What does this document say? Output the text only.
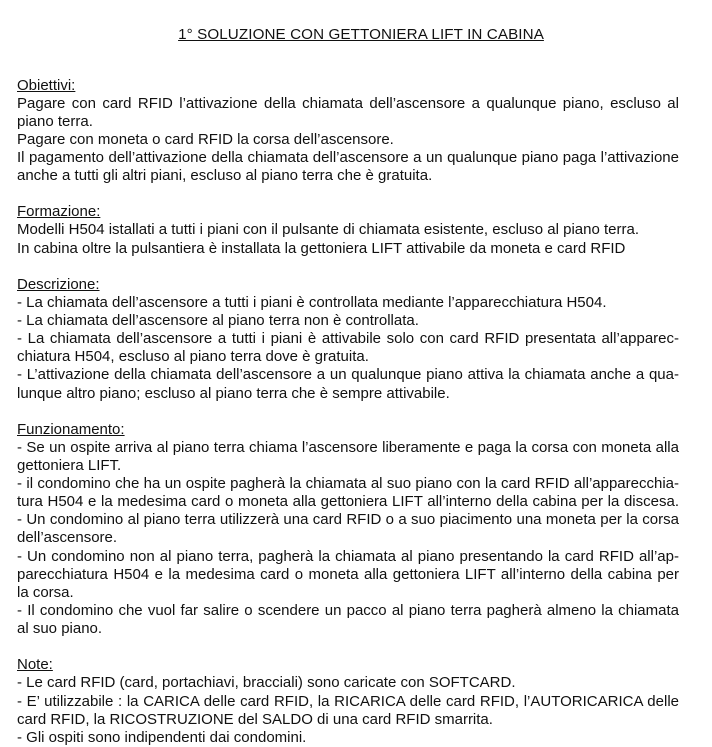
1° SOLUZIONE CON GETTONIERA LIFT IN CABINA
Obiettivi:
Pagare con card RFID l’attivazione della chiamata dell’ascensore a qualunque piano, escluso al
piano terra.
Pagare con moneta o card RFID la corsa dell’ascensore.
Il pagamento dell’attivazione della chiamata dell’ascensore a un qualunque piano paga l’attivazione
anche a tutti gli altri piani, escluso al piano terra che è gratuita.
Formazione:
Modelli H504 istallati a tutti i piani con il pulsante di chiamata esistente, escluso al piano terra.
In cabina oltre la pulsantiera è installata la gettoniera LIFT attivabile da moneta e card RFID
Descrizione:
- La chiamata dell’ascensore a tutti i piani è controllata mediante l’apparecchiatura H504.
- La chiamata dell’ascensore al piano terra non è controllata.
- La chiamata dell’ascensore a tutti i piani è attivabile solo con card RFID presentata all’apparec-
chiatura H504, escluso al piano terra dove è gratuita.
- L’attivazione della chiamata dell’ascensore a un qualunque piano attiva la chiamata anche a qua-
lunque altro piano; escluso al piano terra che è sempre attivabile.
Funzionamento:
- Se un ospite arriva al piano terra chiama l’ascensore liberamente e paga la corsa con moneta alla
gettoniera LIFT.
- il condomino che ha un ospite pagherà la chiamata al suo piano con la card RFID all’apparecchia-
tura H504 e la medesima card o moneta alla gettoniera LIFT all’interno della cabina per la discesa.
- Un condomino al piano terra utilizzerà una card RFID o a suo piacimento una moneta per la corsa
dell’ascensore.
- Un condomino non al piano terra, pagherà la chiamata al piano presentando la card RFID all’ap-
parecchiatura H504 e la medesima card o moneta alla gettoniera LIFT all’interno della cabina per
la corsa.
- Il condomino che vuol far salire o scendere un pacco al piano terra pagherà almeno la chiamata
al suo piano.
Note:
- Le card RFID (card, portachiavi, bracciali) sono caricate con SOFTCARD.
- E’ utilizzabile : la CARICA delle card RFID, la RICARICA delle card RFID, l’AUTORICARICA delle
card RFID, la RICOSTRUZIONE del SALDO di una card RFID smarrita.
- Gli ospiti sono indipendenti dai condomini.
